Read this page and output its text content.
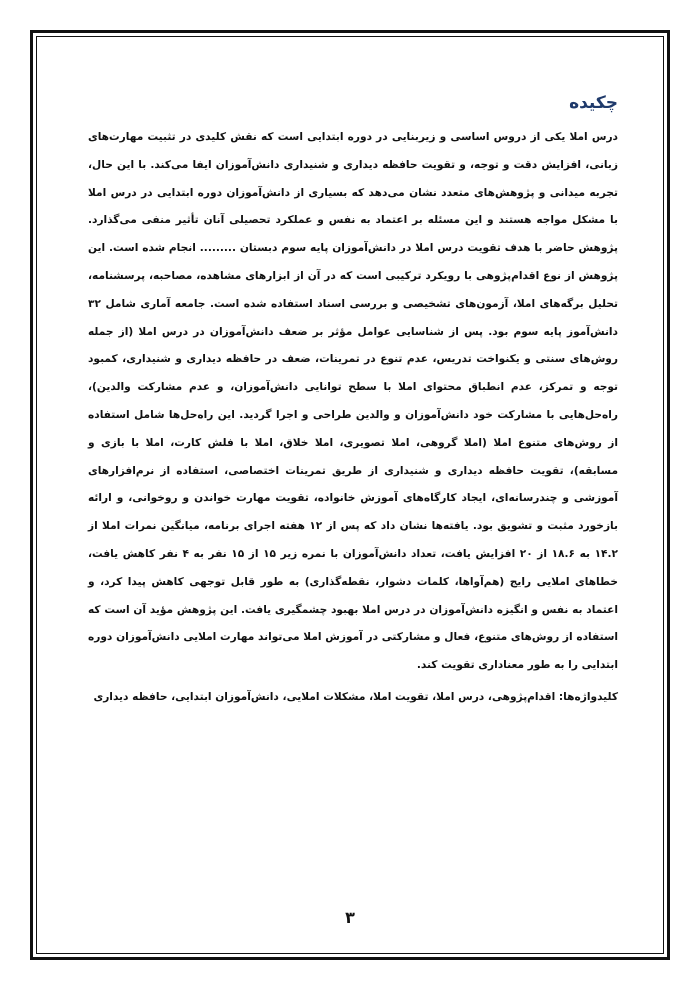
چکیده

درس املا یکی از دروس اساسی و زیربنایی در دوره ابتدایی است که نقش کلیدی در تثبیت مهارت‌های زبانی، افزایش دقت و توجه، و تقویت حافظه دیداری و شنیداری دانش‌آموزان ایفا می‌کند. با این حال، تجربه میدانی و پژوهش‌های متعدد نشان می‌دهد که بسیاری از دانش‌آموزان دوره ابتدایی در درس املا با مشکل مواجه هستند و این مسئله بر اعتماد به نفس و عملکرد تحصیلی آنان تأثیر منفی می‌گذارد. پژوهش حاضر با هدف تقویت درس املا در دانش‌آموزان پایه سوم دبستان ......... انجام شده است. این پژوهش از نوع اقدام‌پژوهی با رویکرد ترکیبی است که در آن از ابزارهای مشاهده، مصاحبه، پرسشنامه، تحلیل برگه‌های املا، آزمون‌های تشخیصی و بررسی اسناد استفاده شده است. جامعه آماری شامل ۳۲ دانش‌آموز پایه سوم بود. پس از شناسایی عوامل مؤثر بر ضعف دانش‌آموزان در درس املا (از جمله روش‌های سنتی و یکنواخت تدریس، عدم تنوع در تمرینات، ضعف در حافظه دیداری و شنیداری، کمبود توجه و تمرکز، عدم انطباق محتوای املا با سطح توانایی دانش‌آموزان، و عدم مشارکت والدین)، راه‌حل‌هایی با مشارکت خود دانش‌آموزان و والدین طراحی و اجرا گردید. این راه‌حل‌ها شامل استفاده از روش‌های متنوع املا (املا گروهی، املا تصویری، املا خلاق، املا با فلش کارت، املا با بازی و مسابقه)، تقویت حافظه دیداری و شنیداری از طریق تمرینات اختصاصی، استفاده از نرم‌افزارهای آموزشی و چندرسانه‌ای، ایجاد کارگاه‌های آموزش خانواده، تقویت مهارت خواندن و روخوانی، و ارائه بازخورد مثبت و تشویق بود. یافته‌ها نشان داد که پس از ۱۲ هفته اجرای برنامه، میانگین نمرات املا از ۱۴.۲ به ۱۸.۶ از ۲۰ افزایش یافت، تعداد دانش‌آموزان با نمره زیر ۱۵ از ۱۵ نفر به ۴ نفر کاهش یافت، خطاهای املایی رایج (هم‌آواها، کلمات دشوار، نقطه‌گذاری) به طور قابل توجهی کاهش پیدا کرد، و اعتماد به نفس و انگیزه دانش‌آموزان در درس املا بهبود چشمگیری یافت. این پژوهش مؤید آن است که استفاده از روش‌های متنوع، فعال و مشارکتی در آموزش املا می‌تواند مهارت املایی دانش‌آموزان دوره ابتدایی را به طور معناداری تقویت کند.

کلیدواژه‌ها: اقدام‌پژوهی، درس املا، تقویت املا، مشکلات املایی، دانش‌آموزان ابتدایی، حافظه دیداری

۳
